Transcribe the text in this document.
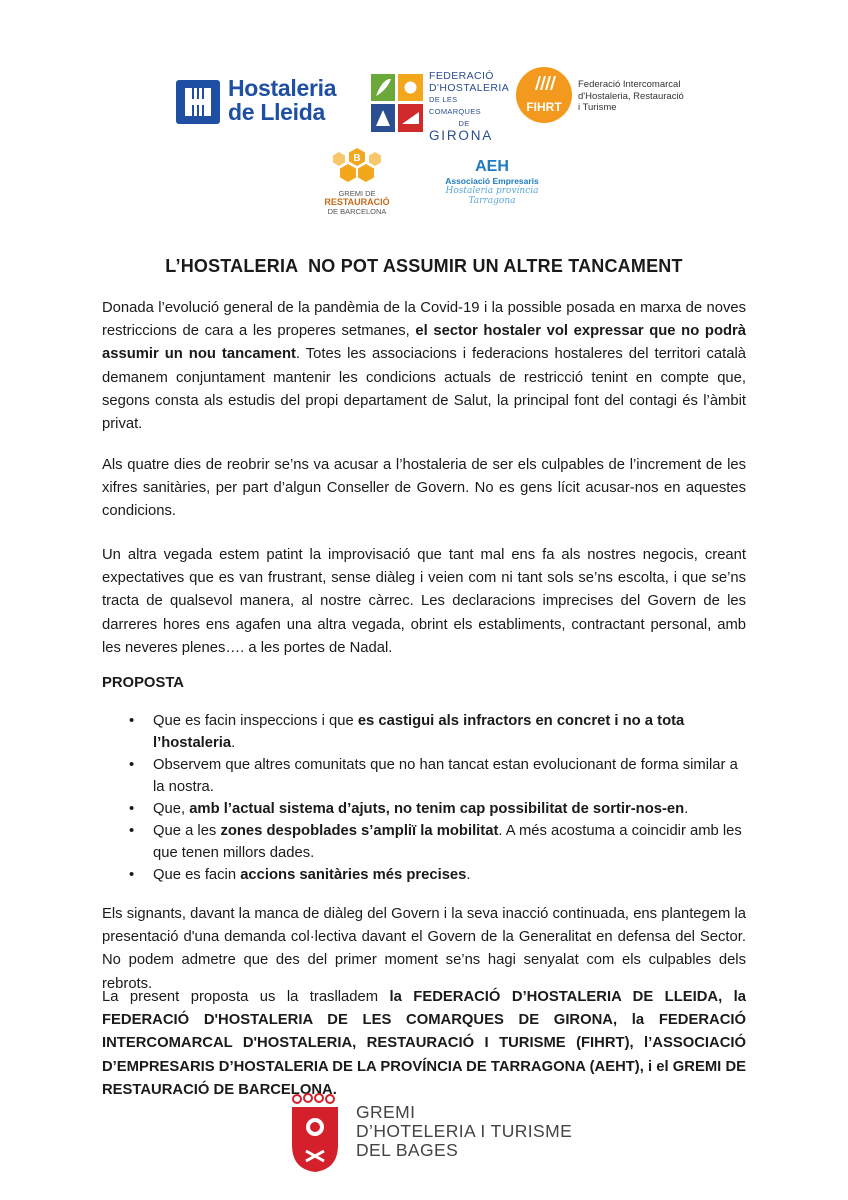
Hostaleria
de Lleida
FEDERACIÓ
D'HOSTALERIA
DE LES COMARQUES
DE
GIRONA
FIHRT
Federació Intercomarcal
d'Hostaleria, Restauració
i Turisme
B
GREMI DE
RESTAURACIÓ
DE BARCELONA
AEH
Associació Empresaris
Hostaleria província Tarragona
L’HOSTALERIA  NO POT ASSUMIR UN ALTRE TANCAMENT
Donada l’evolució general de la pandèmia de la Covid-19 i la possible posada en marxa de noves restriccions de cara a les properes setmanes, el sector hostaler vol expressar que no podrà assumir un nou tancament. Totes les associacions i federacions hostaleres del territori català demanem conjuntament mantenir les condicions actuals de restricció tenint en compte que, segons consta als estudis del propi departament de Salut, la principal font del contagi és l’àmbit privat.
Als quatre dies de reobrir se’ns va acusar a l’hostaleria de ser els culpables de l’increment de les xifres sanitàries, per part d’algun Conseller de Govern. No es gens lícit acusar-nos en aquestes condicions.
Un altra vegada estem patint la improvisació que tant mal ens fa als nostres negocis, creant expectatives que es van frustrant, sense diàleg i veien com ni tant sols se’ns escolta, i que se’ns tracta de qualsevol manera, al nostre càrrec. Les declaracions imprecises del Govern de les darreres hores ens agafen una altra vegada, obrint els establiments, contractant personal, amb les neveres plenes…. a les portes de Nadal.
PROPOSTA
• Que es facin inspeccions i que es castigui als infractors en concret i no a tota l’hostaleria.
• Observem que altres comunitats que no han tancat estan evolucionant de forma similar a la nostra.
• Que, amb l’actual sistema d’ajuts, no tenim cap possibilitat de sortir-nos-en.
• Que a les zones despoblades s’ampliï la mobilitat. A més acostuma a coincidir amb les que tenen millors dades.
• Que es facin accions sanitàries més precises.
Els signants, davant la manca de diàleg del Govern i la seva inacció continuada, ens plantegem la presentació d'una demanda col·lectiva davant el Govern de la Generalitat en defensa del Sector. No podem admetre que des del primer moment se’ns hagi senyalat com els culpables dels rebrots.
La present proposta us la traslladem la FEDERACIÓ D’HOSTALERIA DE LLEIDA, la FEDERACIÓ D'HOSTALERIA DE LES COMARQUES DE GIRONA, la FEDERACIÓ INTERCOMARCAL D'HOSTALERIA, RESTAURACIÓ I TURISME (FIHRT), l’ASSOCIACIÓ D’EMPRESARIS D’HOSTALERIA DE LA PROVÍNCIA DE TARRAGONA (AEHT), i el GREMI DE RESTAURACIÓ DE BARCELONA.
GREMI
D’HOTELERIA I TURISME
DEL BAGES
